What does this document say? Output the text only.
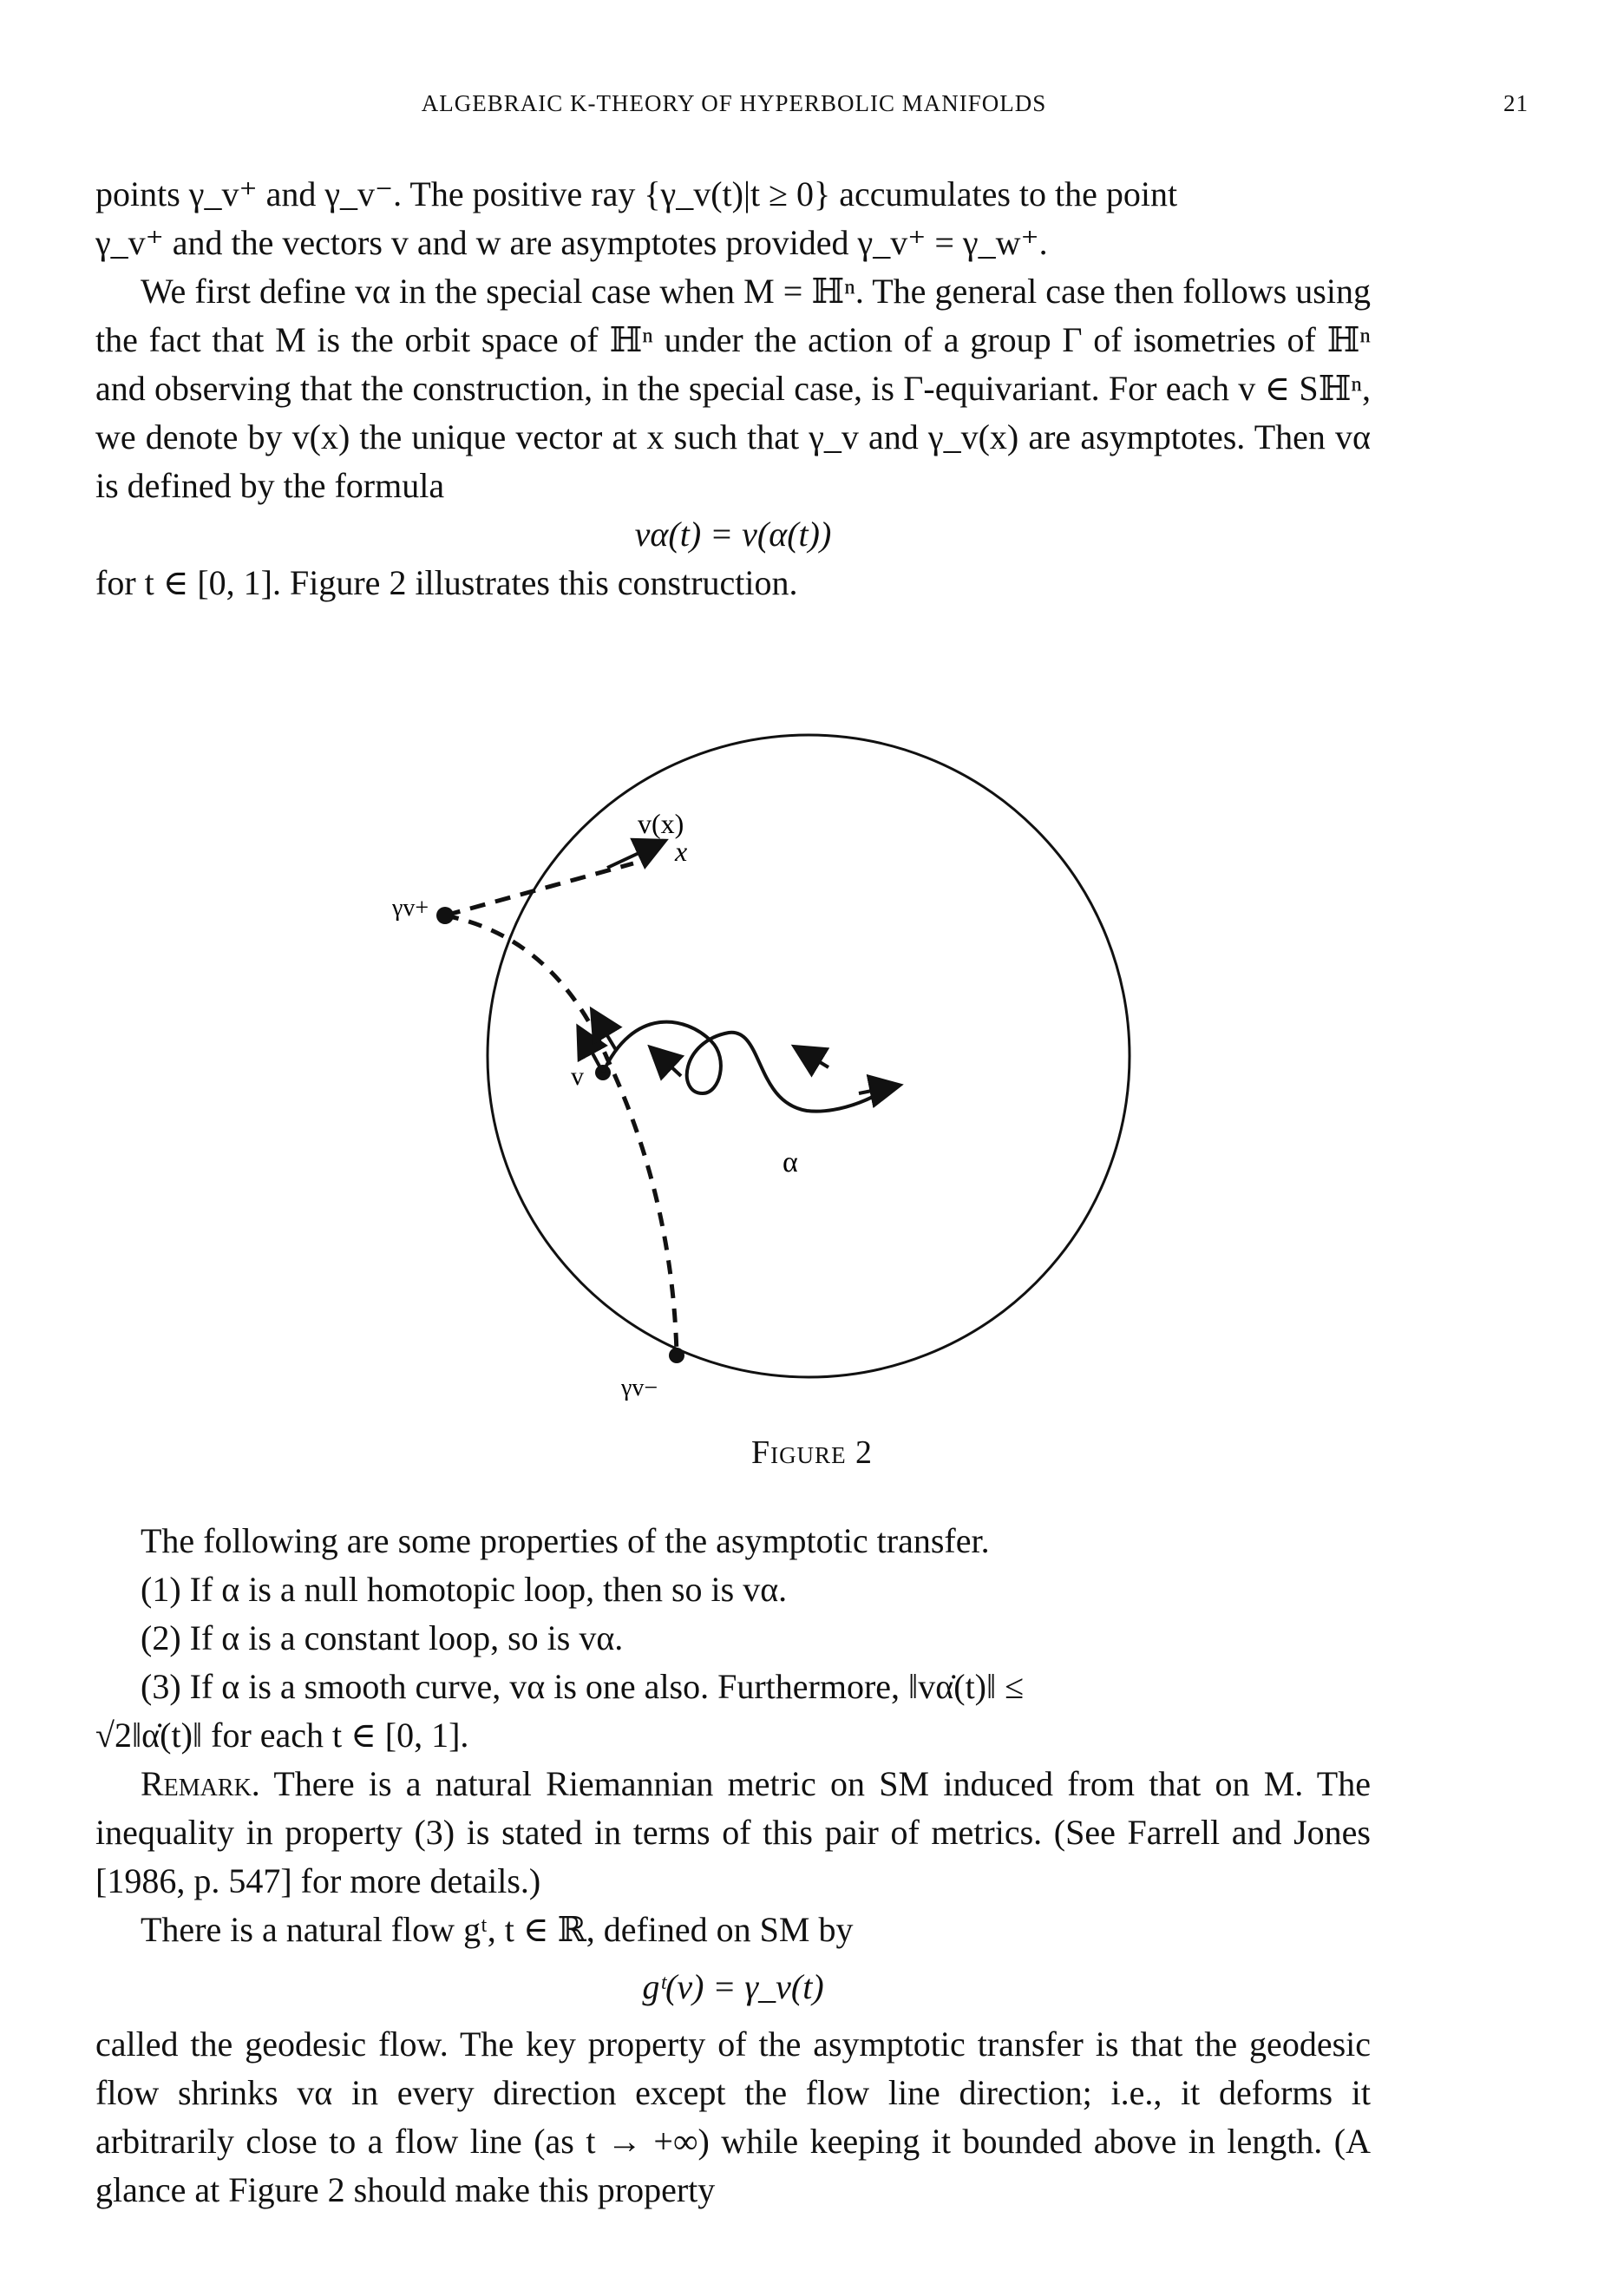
ALGEBRAIC K-THEORY OF HYPERBOLIC MANIFOLDS	21

points γ_v⁺ and γ_v⁻. The positive ray {γ_v(t)|t ≥ 0} accumulates to the point

γ_v⁺ and the vectors v and w are asymptotes provided γ_v⁺ = γ_w⁺.

We first define vα in the special case when M = ℍⁿ. The general case then follows using the fact that M is the orbit space of ℍⁿ under the action of a group Γ of isometries of ℍⁿ and observing that the construction, in the special case, is Γ-equivariant. For each v ∈ Sℍⁿ, we denote by v(x) the unique vector at x such that γ_v and γ_v(x) are asymptotes. Then vα is defined by the formula

vα(t) = v(α(t))

for t ∈ [0, 1]. Figure 2 illustrates this construction.

v(x)
x
γv+
v
α
γv−
Figure 2

The following are some properties of the asymptotic transfer.

(1) If α is a null homotopic loop, then so is vα.

(2) If α is a constant loop, so is vα.

(3) If α is a smooth curve, vα is one also. Furthermore, ‖vα̇(t)‖ ≤

√2‖α̇(t)‖ for each t ∈ [0, 1].

Remark. There is a natural Riemannian metric on SM induced from that on M. The inequality in property (3) is stated in terms of this pair of metrics. (See Farrell and Jones [1986, p. 547] for more details.)

There is a natural flow gᵗ, t ∈ ℝ, defined on SM by

gᵗ(v) = γ_v(t)

called the geodesic flow. The key property of the asymptotic transfer is that the geodesic flow shrinks vα in every direction except the flow line direction; i.e., it deforms it arbitrarily close to a flow line (as t → +∞) while keeping it bounded above in length. (A glance at Figure 2 should make this property
